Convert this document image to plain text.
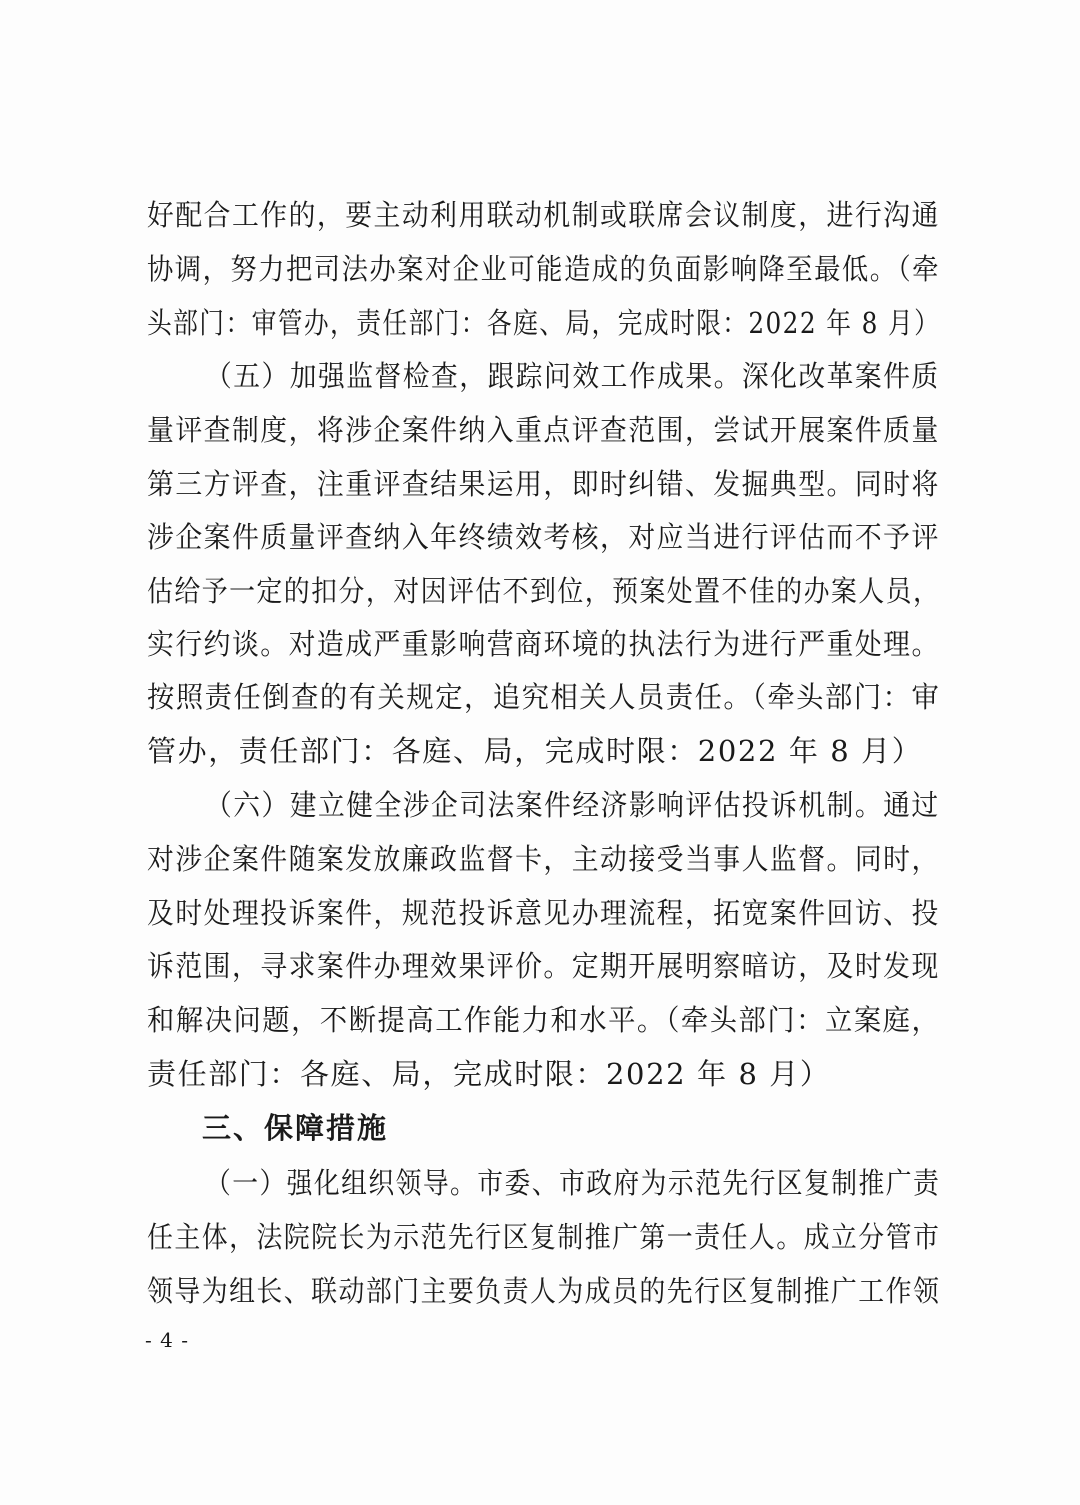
好配合工作的，要主动利用联动机制或联席会议制度，进行沟通
协调，努力把司法办案对企业可能造成的负面影响降至最低。（牵
头部门：审管办，责任部门：各庭、局，完成时限：2022 年 8 月）
（五）加强监督检查，跟踪问效工作成果。深化改革案件质
量评查制度，将涉企案件纳入重点评查范围，尝试开展案件质量
第三方评查，注重评查结果运用，即时纠错、发掘典型。同时将
涉企案件质量评查纳入年终绩效考核，对应当进行评估而不予评
估给予一定的扣分，对因评估不到位，预案处置不佳的办案人员，
实行约谈。对造成严重影响营商环境的执法行为进行严重处理。
按照责任倒查的有关规定，追究相关人员责任。（牵头部门：审
管办，责任部门：各庭、局，完成时限：2022 年 8 月）
（六）建立健全涉企司法案件经济影响评估投诉机制。通过
对涉企案件随案发放廉政监督卡，主动接受当事人监督。同时，
及时处理投诉案件，规范投诉意见办理流程，拓宽案件回访、投
诉范围，寻求案件办理效果评价。定期开展明察暗访，及时发现
和解决问题，不断提高工作能力和水平。（牵头部门：立案庭，
责任部门：各庭、局，完成时限：2022 年 8 月）
三、保障措施
（一）强化组织领导。市委、市政府为示范先行区复制推广责
任主体，法院院长为示范先行区复制推广第一责任人。成立分管市
领导为组长、联动部门主要负责人为成员的先行区复制推广工作领
- 4 -
